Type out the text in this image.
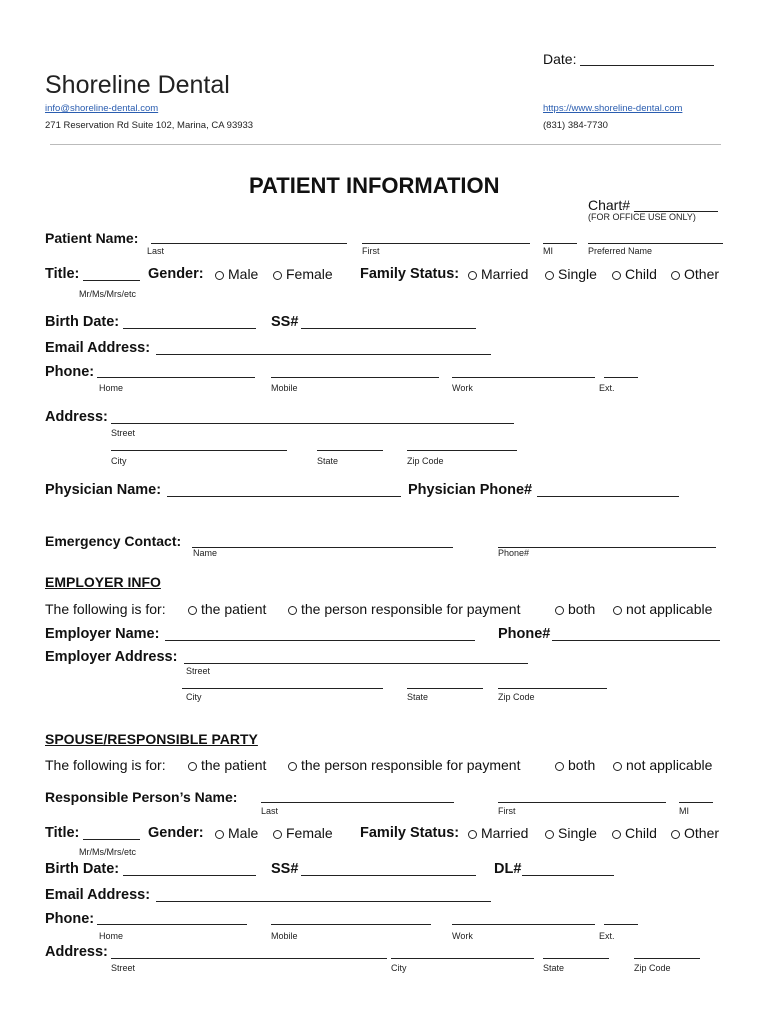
Date:
Shoreline Dental
info@shoreline-dental.com	https://www.shoreline-dental.com
271 Reservation Rd Suite 102, Marina, CA 93933	(831) 384-7730
PATIENT INFORMATION
Chart#
(FOR OFFICE USE ONLY)
Patient Name:
Last	First	MI	Preferred Name
Title:
Mr/Ms/Mrs/etc
Gender:	Male	Female Family Status:	Married	Single	Child	Other
Birth Date:	SS#
Email Address:
Phone:
Home	Mobile	Work	Ext.
Address:
Street
City	State	Zip Code
Physician Name:	Physician Phone#
Emergency Contact:
Name	Phone#
EMPLOYER INFO
The following is for:	the patient	the person responsible for payment	both	not applicable
Employer Name:	Phone#
Employer Address:
Street
City	State	Zip Code
SPOUSE/RESPONSIBLE PARTY
The following is for:	the patient	the person responsible for payment	both	not applicable
Responsible Person’s Name:
Last	First	MI
Title:
Mr/Ms/Mrs/etc
Gender:	Male	Female Family Status:	Married	Single	Child	Other
Birth Date:	SS#	DL#
Email Address:
Phone:
Home	Mobile	Work	Ext.
Address:
Street	City	State	Zip Code
